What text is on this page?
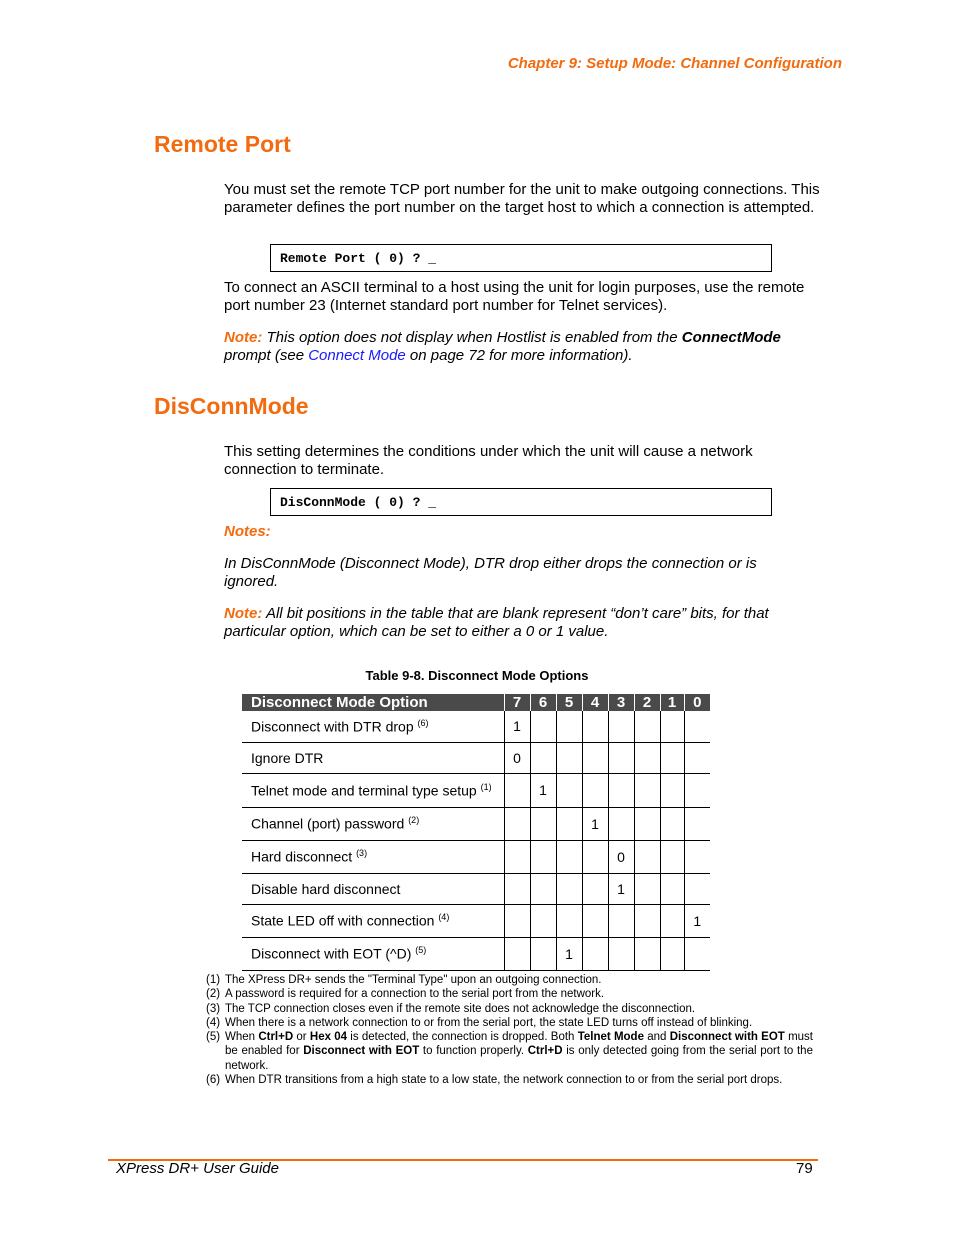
Chapter 9: Setup Mode: Channel Configuration
Remote Port
You must set the remote TCP port number for the unit to make outgoing connections. This parameter defines the port number on the target host to which a connection is attempted.
Remote Port ( 0) ? _
To connect an ASCII terminal to a host using the unit for login purposes, use the remote port number 23 (Internet standard port number for Telnet services).
Note: This option does not display when Hostlist is enabled from the ConnectMode prompt (see Connect Mode on page 72 for more information).
DisConnMode
This setting determines the conditions under which the unit will cause a network connection to terminate.
DisConnMode ( 0) ? _
Notes:
In DisConnMode (Disconnect Mode), DTR drop either drops the connection or is ignored.
Note: All bit positions in the table that are blank represent “don’t care” bits, for that particular option, which can be set to either a 0 or 1 value.
Table 9-8. Disconnect Mode Options
Disconnect Mode Option	7	6	5	4	3	2	1	0
Disconnect with DTR drop $^{(6)}$	1							
Ignore DTR	0							
Telnet mode and terminal type setup $^{(1)}$		1						
Channel (port) password $^{(2)}$				1				
Hard disconnect $^{(3)}$					0			
Disable hard disconnect					1			
State LED off with connection $^{(4)}$								1
Disconnect with EOT (^D) $^{(5)}$			1					
(1) The XPress DR+ sends the "Terminal Type" upon an outgoing connection.
(2) A password is required for a connection to the serial port from the network.
(3) The TCP connection closes even if the remote site does not acknowledge the disconnection.
(4) When there is a network connection to or from the serial port, the state LED turns off instead of blinking.
(5) When Ctrl+D or Hex 04 is detected, the connection is dropped. Both Telnet Mode and Disconnect with EOT must be enabled for Disconnect with EOT to function properly. Ctrl+D is only detected going from the serial port to the network.
(6) When DTR transitions from a high state to a low state, the network connection to or from the serial port drops.
XPress DR+ User Guide	79
